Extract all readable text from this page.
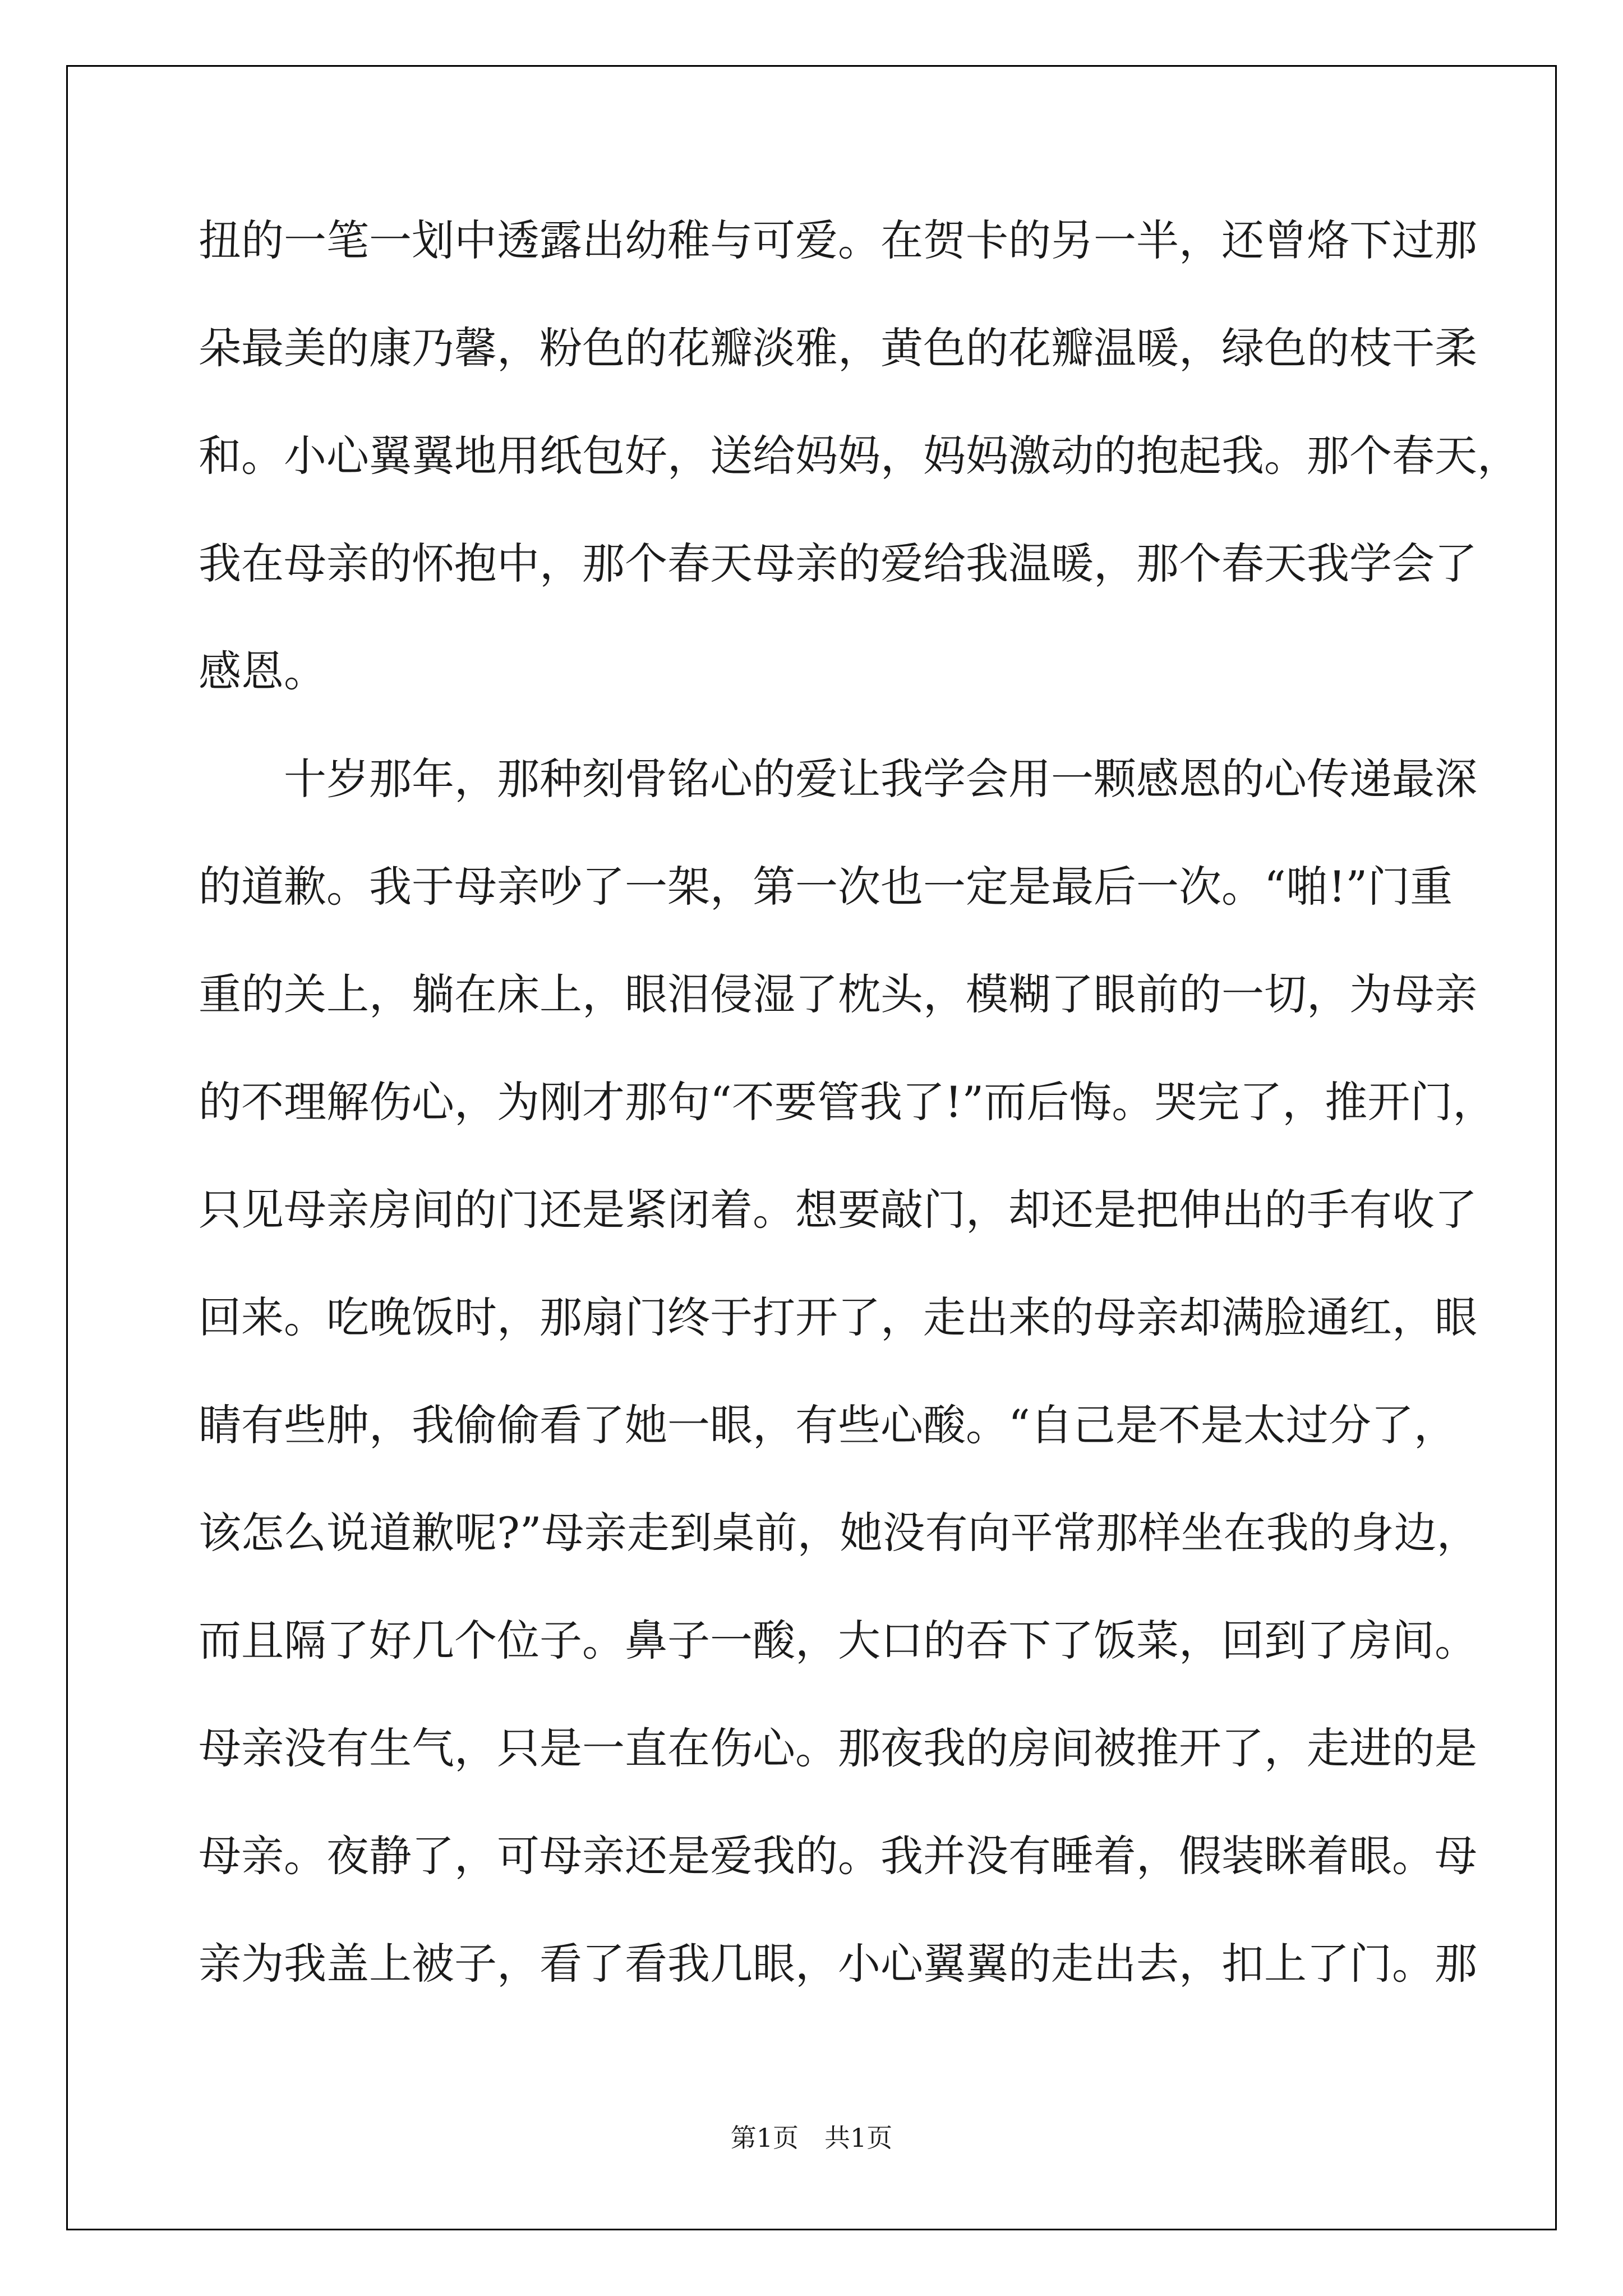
扭 的 一 笔 一 划 中 透 露 出 幼 稚 与 可 爱 。 在 贺 卡 的 另 一 半 ， 还 曾 烙 下 过 那
朵 最 美 的 康 乃 馨 ， 粉 色 的 花 瓣 淡 雅 ， 黄 色 的 花 瓣 温 暖 ， 绿 色 的 枝 干 柔
和 。 小 心 翼 翼 地 用 纸 包 好 ， 送 给 妈 妈 ， 妈 妈 激 动 的 抱 起 我 。 那 个 春 天 ，
我 在 母 亲 的 怀 抱 中 ， 那 个 春 天 母 亲 的 爱 给 我 温 暖 ， 那 个 春 天 我 学 会 了
感恩。
十 岁 那 年 ， 那 种 刻 骨 铭 心 的 爱 让 我 学 会 用 一 颗 感 恩 的 心 传 递 最 深
的 道 歉 。 我 于 母 亲 吵 了 一 架 ， 第 一 次 也 一 定 是 最 后 一 次 。 “ 啪 ! ” 门 重
重 的 关 上 ， 躺 在 床 上 ， 眼 泪 侵 湿 了 枕 头 ， 模 糊 了 眼 前 的 一 切 ， 为 母 亲
的 不 理 解 伤 心 ， 为 刚 才 那 句 “ 不 要 管 我 了 ! ” 而 后 悔 。 哭 完 了 ， 推 开 门 ，
只 见 母 亲 房 间 的 门 还 是 紧 闭 着 。 想 要 敲 门 ， 却 还 是 把 伸 出 的 手 有 收 了
回 来 。 吃 晚 饭 时 ， 那 扇 门 终 于 打 开 了 ， 走 出 来 的 母 亲 却 满 脸 通 红 ， 眼
睛 有 些 肿 ， 我 偷 偷 看 了 她 一 眼 ， 有 些 心 酸 。 “ 自 己 是 不 是 太 过 分 了 ，
该 怎 么 说 道 歉 呢 ? ” 母 亲 走 到 桌 前 ， 她 没 有 向 平 常 那 样 坐 在 我 的 身 边 ，
而 且 隔 了 好 几 个 位 子 。 鼻 子 一 酸 ， 大 口 的 吞 下 了 饭 菜 ， 回 到 了 房 间 。
母 亲 没 有 生 气 ， 只 是 一 直 在 伤 心 。 那 夜 我 的 房 间 被 推 开 了 ， 走 进 的 是
母 亲 。 夜 静 了 ， 可 母 亲 还 是 爱 我 的 。 我 并 没 有 睡 着 ， 假 装 眯 着 眼 。 母
亲 为 我 盖 上 被 子 ， 看 了 看 我 几 眼 ， 小 心 翼 翼 的 走 出 去 ， 扣 上 了 门 。 那
第1页　共1页
